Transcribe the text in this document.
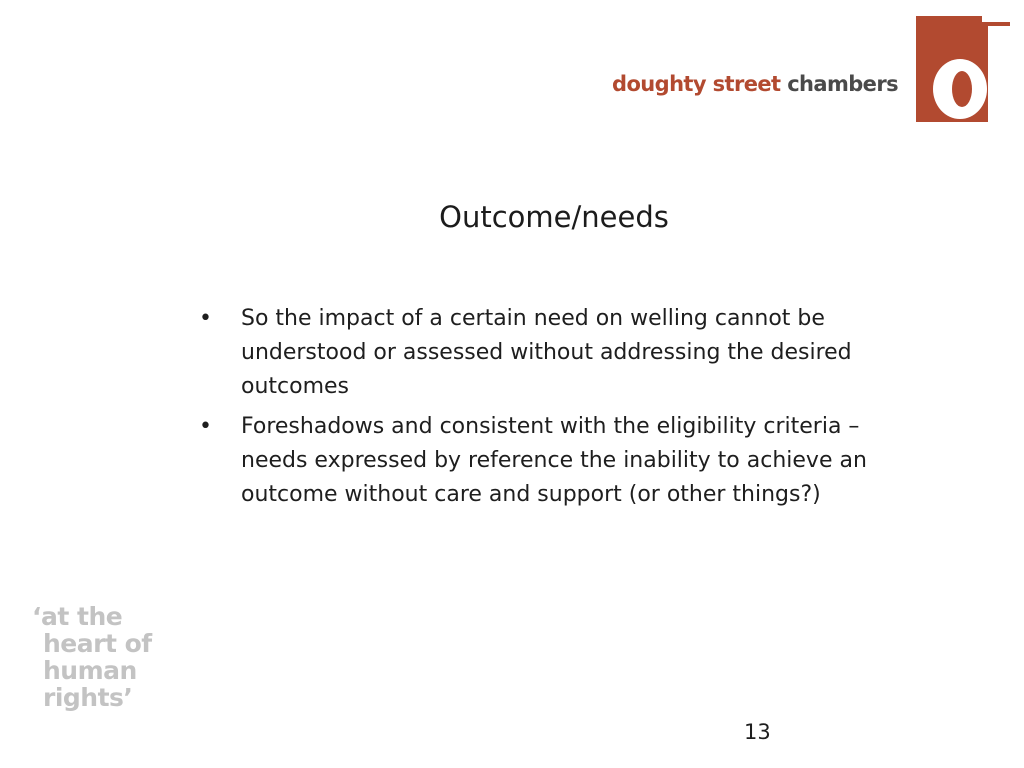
doughty street chambers
Outcome/needs
• So the impact of a certain need on welling cannot be understood or assessed without addressing the desired outcomes
• Foreshadows and consistent with the eligibility criteria – needs expressed by reference the inability to achieve an outcome without care and support (or other things?)
‘at the
heart of
human
rights’
13
